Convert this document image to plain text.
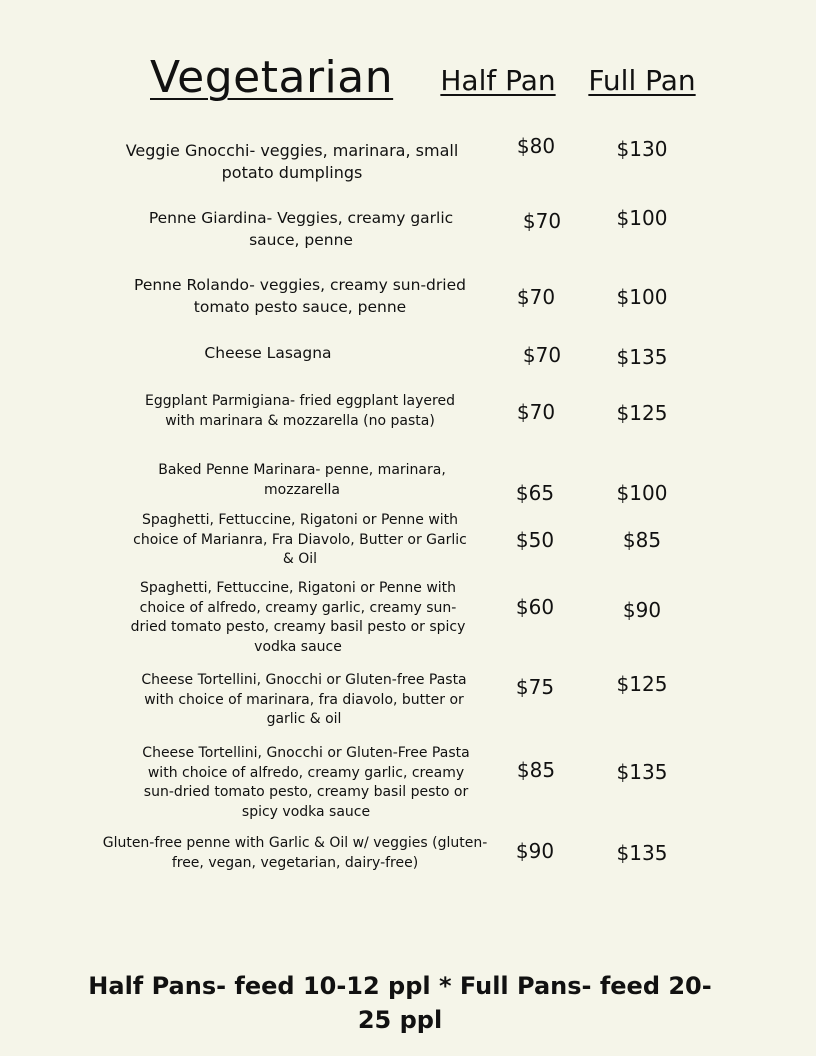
Vegetarian	Half Pan	Full Pan
Veggie Gnocchi- veggies, marinara, small potato dumplings
$80	$130
Penne Giardina- Veggies, creamy garlic sauce, penne
$70	$100
Penne Rolando- veggies, creamy sun-dried tomato pesto sauce, penne	$70	$100
Cheese Lasagna	$70	$135
Eggplant Parmigiana- fried eggplant layered with marinara & mozzarella (no pasta)	$70	$125
Baked Penne Marinara- penne, marinara, mozzarella	$65	$100
Spaghetti, Fettuccine, Rigatoni or Penne with choice of Marianra, Fra Diavolo, Butter or Garlic & Oil
$50	$85
Spaghetti, Fettuccine, Rigatoni or Penne with choice of alfredo, creamy garlic, creamy sun-dried tomato pesto, creamy basil pesto or spicy vodka sauce
$60	$90
Cheese Tortellini, Gnocchi or Gluten-free Pasta with choice of marinara, fra diavolo, butter or garlic & oil
$75	$125
Cheese Tortellini, Gnocchi or Gluten-Free Pasta with choice of alfredo, creamy garlic, creamy sun-dried tomato pesto, creamy basil pesto or spicy vodka sauce
$85	$135
Gluten-free penne with Garlic & Oil w/ veggies (gluten-free, vegan, vegetarian, dairy-free)	$90	$135
Half Pans- feed 10-12 ppl * Full Pans- feed 20-25 ppl
